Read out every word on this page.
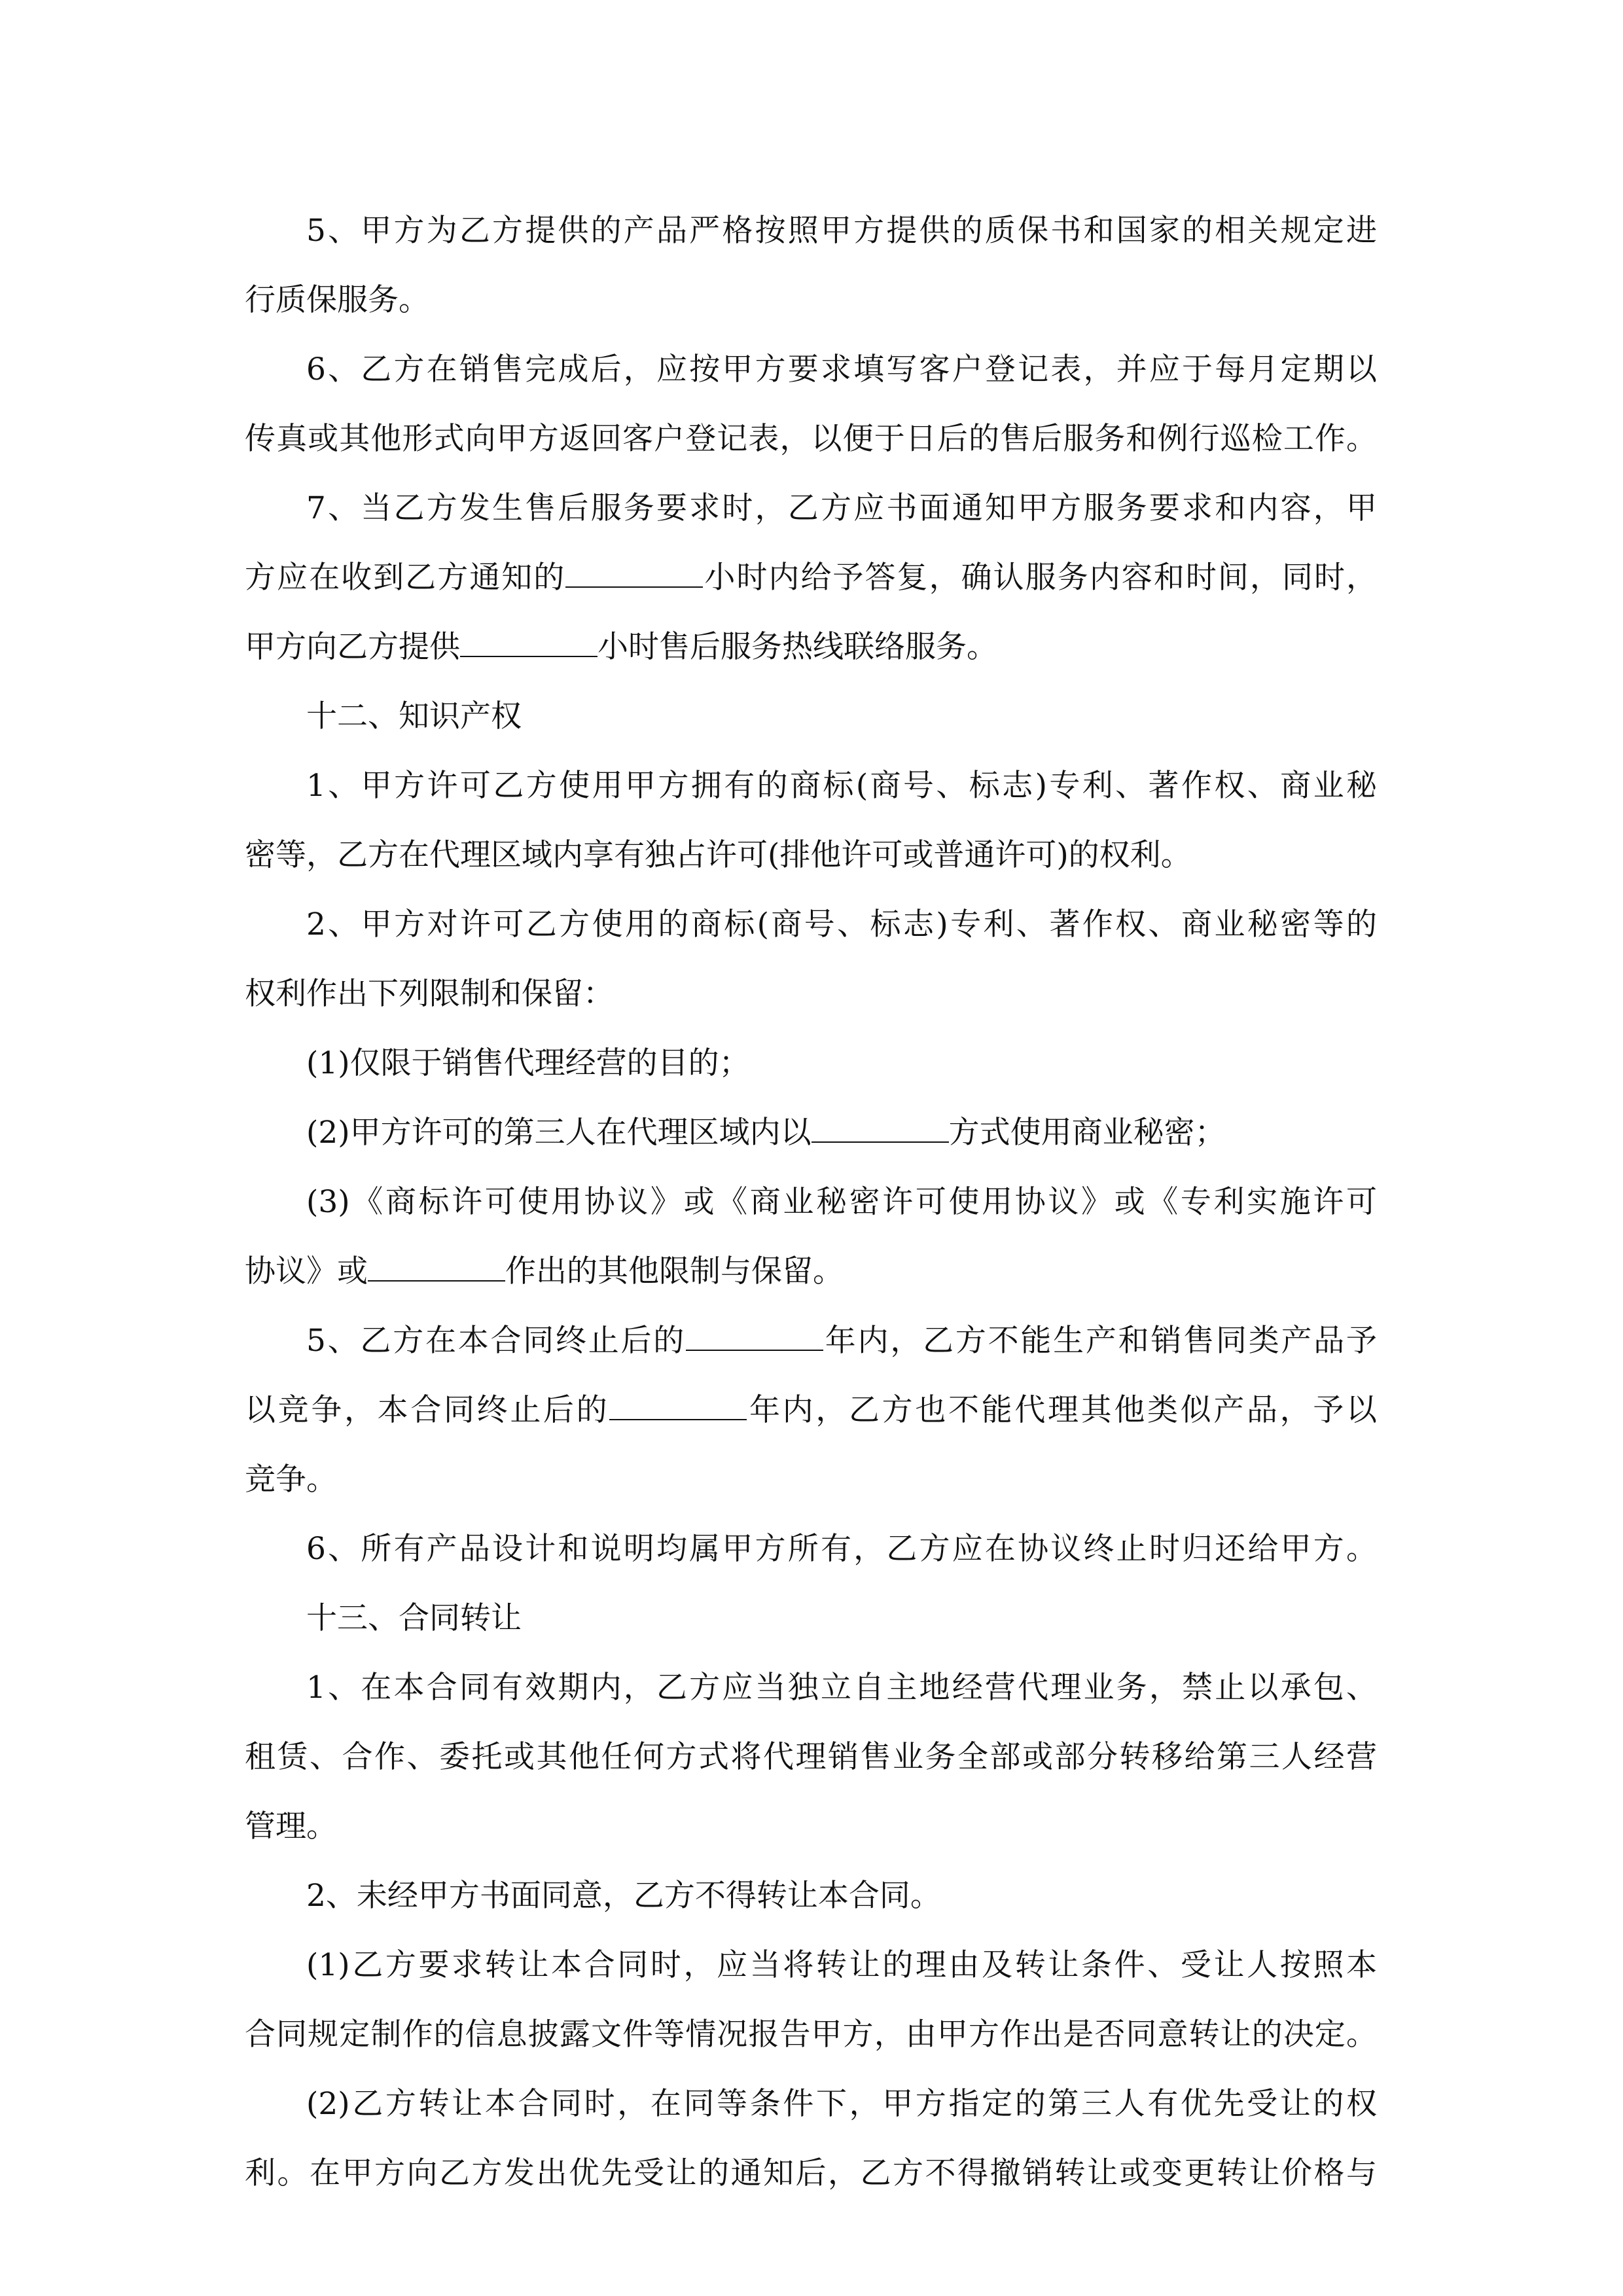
5、甲方为乙方提供的产品严格按照甲方提供的质保书和国家的相关规定进
行质保服务。
6、乙方在销售完成后，应按甲方要求填写客户登记表，并应于每月定期以
传真或其他形式向甲方返回客户登记表，以便于日后的售后服务和例行巡检工作。
7、当乙方发生售后服务要求时，乙方应书面通知甲方服务要求和内容，甲
方应在收到乙方通知的	小时内给予答复，确认服务内容和时间，同时，
甲方向乙方提供	小时售后服务热线联络服务。
十二、知识产权
1、甲方许可乙方使用甲方拥有的商标(商号、标志)专利、著作权、商业秘
密等，乙方在代理区域内享有独占许可(排他许可或普通许可)的权利。
2、甲方对许可乙方使用的商标(商号、标志)专利、著作权、商业秘密等的
权利作出下列限制和保留：
(1)仅限于销售代理经营的目的；
(2)甲方许可的第三人在代理区域内以	方式使用商业秘密；
(3)《商标许可使用协议》或《商业秘密许可使用协议》或《专利实施许可
协议》或	作出的其他限制与保留。
5、乙方在本合同终止后的	年内，乙方不能生产和销售同类产品予
以竞争，本合同终止后的	年内，乙方也不能代理其他类似产品，予以
竞争。
6、所有产品设计和说明均属甲方所有，乙方应在协议终止时归还给甲方。
十三、合同转让
1、在本合同有效期内，乙方应当独立自主地经营代理业务，禁止以承包、
租赁、合作、委托或其他任何方式将代理销售业务全部或部分转移给第三人经营
管理。
2、未经甲方书面同意，乙方不得转让本合同。
(1)乙方要求转让本合同时，应当将转让的理由及转让条件、受让人按照本
合同规定制作的信息披露文件等情况报告甲方，由甲方作出是否同意转让的决定。
(2)乙方转让本合同时，在同等条件下，甲方指定的第三人有优先受让的权
利。在甲方向乙方发出优先受让的通知后，乙方不得撤销转让或变更转让价格与
